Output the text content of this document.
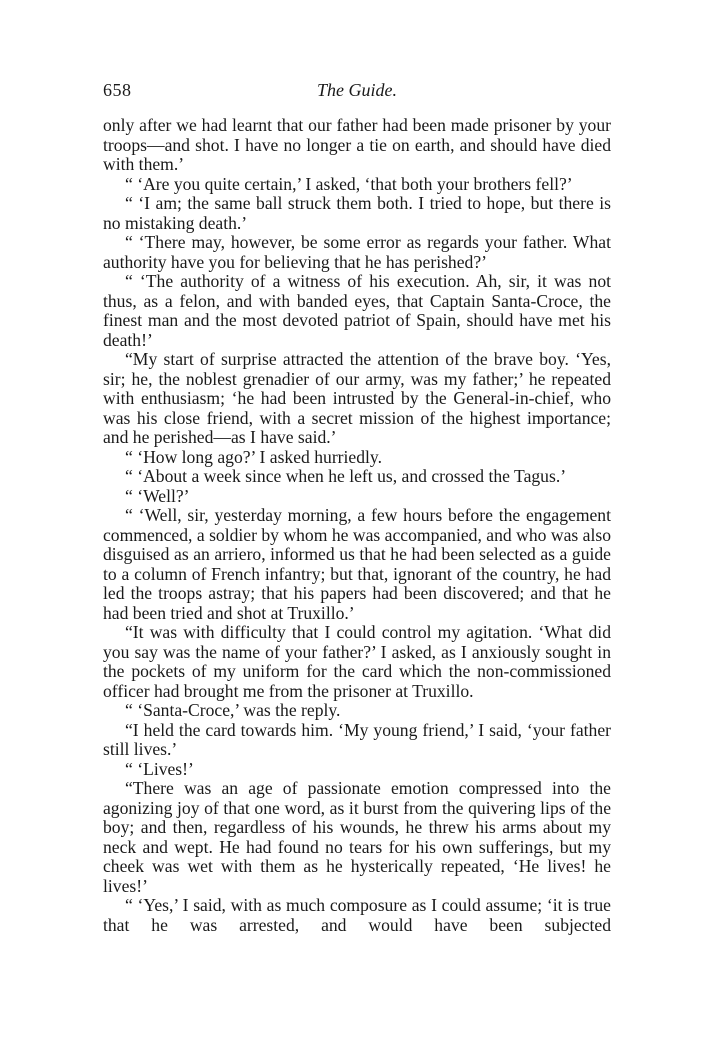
658	The Guide.

only after we had learnt that our father had been made prisoner by your troops—and shot. I have no longer a tie on earth, and should have died with them.’

“ ‘Are you quite certain,’ I asked, ‘that both your brothers fell?’

“ ‘I am; the same ball struck them both. I tried to hope, but there is no mistaking death.’

“ ‘There may, however, be some error as regards your father. What authority have you for believing that he has perished?’

“ ‘The authority of a witness of his execution. Ah, sir, it was not thus, as a felon, and with banded eyes, that Captain Santa-Croce, the finest man and the most devoted patriot of Spain, should have met his death!’

“My start of surprise attracted the attention of the brave boy. ‘Yes, sir; he, the noblest grenadier of our army, was my father;’ he repeated with enthusiasm; ‘he had been intrusted by the General-in-chief, who was his close friend, with a secret mission of the highest importance; and he perished—as I have said.’

“ ‘How long ago?’ I asked hurriedly.

“ ‘About a week since when he left us, and crossed the Tagus.’

“ ‘Well?’

“ ‘Well, sir, yesterday morning, a few hours before the engagement commenced, a soldier by whom he was accompanied, and who was also disguised as an arriero, informed us that he had been selected as a guide to a column of French infantry; but that, ignorant of the country, he had led the troops astray; that his papers had been discovered; and that he had been tried and shot at Truxillo.’

“It was with difficulty that I could control my agitation. ‘What did you say was the name of your father?’ I asked, as I anxiously sought in the pockets of my uniform for the card which the non-commissioned officer had brought me from the prisoner at Truxillo.

“ ‘Santa-Croce,’ was the reply.

“I held the card towards him. ‘My young friend,’ I said, ‘your father still lives.’

“ ‘Lives!’

“There was an age of passionate emotion compressed into the agonizing joy of that one word, as it burst from the quivering lips of the boy; and then, regardless of his wounds, he threw his arms about my neck and wept. He had found no tears for his own sufferings, but my cheek was wet with them as he hysterically repeated, ‘He lives! he lives!’

“ ‘Yes,’ I said, with as much composure as I could assume; ‘it is true that he was arrested, and would have been subjected
